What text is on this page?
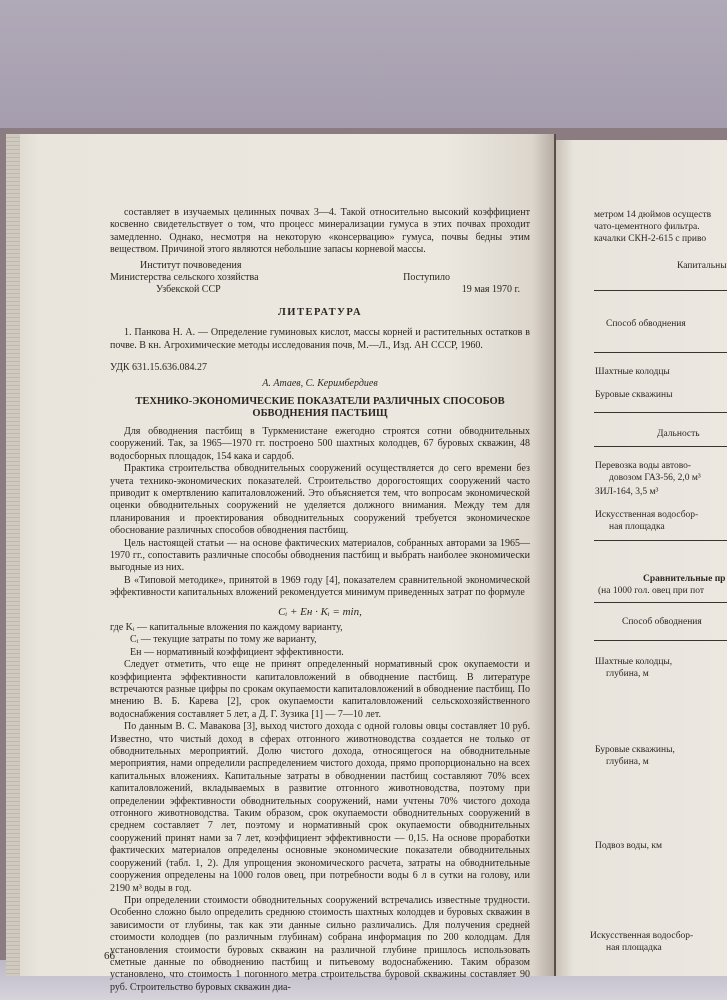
составляет в изучаемых целинных почвах 3—4. Такой относительно высокий коэффициент косвенно свидетельствует о том, что процесс минерализации гумуса в этих почвах проходит замедленно. Однако, несмотря на некоторую «консервацию» гумуса, почвы бедны этим веществом. Причиной этого являются небольшие запасы корневой массы.

Институт почвоведения
Министерства сельского хозяйства	Поступило
Узбекской ССР	19 мая 1970 г.

ЛИТЕРАТУРА

1. Панкова Н. А. — Определение гуминовых кислот, массы корней и растительных остатков в почве. В кн. Агрохимические методы исследования почв, М.—Л., Изд. АН СССР, 1960.

УДК 631.15.636.084.27

А. Атаев, С. Керимбердиев

ТЕХНИКО-ЭКОНОМИЧЕСКИЕ ПОКАЗАТЕЛИ РАЗЛИЧНЫХ СПОСОБОВ

ОБВОДНЕНИЯ ПАСТБИЩ

Для обводнения пастбищ в Туркменистане ежегодно строятся сотни обводнительных сооружений. Так, за 1965—1970 гг. построено 500 шахтных колодцев, 67 буровых скважин, 48 водосборных площадок, 154 кака и сардоб.

Практика строительства обводнительных сооружений осуществляется до сего времени без учета технико-экономических показателей. Строительство дорогостоящих сооружений часто приводит к омертвлению капиталовложений. Это объясняется тем, что вопросам экономической оценки обводнительных сооружений не уделяется должного внимания. Между тем для планирования и проектирования обводнительных сооружений требуется экономическое обоснование различных способов обводнения пастбищ.

Цель настоящей статьи — на основе фактических материалов, собранных авторами за 1965—1970 гг., сопоставить различные способы обводнения пастбищ и выбрать наиболее экономически выгодные из них.

В «Типовой методике», принятой в 1969 году [4], показателем сравнительной экономической эффективности капитальных вложений рекомендуется минимум приведенных затрат по формуле

Cᵢ + Eн · Kᵢ = min,

где Kᵢ — капитальные вложения по каждому варианту,
Cᵢ — текущие затраты по тому же варианту,
Eн — нормативный коэффициент эффективности.

Следует отметить, что еще не принят определенный нормативный срок окупаемости и коэффициента эффективности капиталовложений в обводнение пастбищ. В литературе встречаются разные цифры по срокам окупаемости капиталовложений в обводнение пастбищ. По мнению В. Б. Карева [2], срок окупаемости капиталовложений сельскохозяйственного водоснабжения составляет 5 лет, а Д. Г. Зузика [1] — 7—10 лет.

По данным В. С. Мавакова [3], выход чистого дохода с одной головы овцы составляет 10 руб. Известно, что чистый доход в сферах отгонного животноводства создается не только от обводнительных мероприятий. Долю чистого дохода, относящегося на обводнительные мероприятия, нами определили распределением чистого дохода, прямо пропорционально на всех капитальных вложениях. Капитальные затраты в обводнении пастбищ составляют 70% всех капиталовложений, вкладываемых в развитие отгонного животноводства, поэтому при определении эффективности обводнительных сооружений, нами учтены 70% чистого дохода отгонного животноводства. Таким образом, срок окупаемости обводнительных сооружений в среднем составляет 7 лет, поэтому и нормативный срок окупаемости обводнительных сооружений принят нами за 7 лет, коэффициент эффективности — 0,15. На основе проработки фактических материалов определены основные экономические показатели обводнительных сооружений (табл. 1, 2). Для упрощения экономического расчета, затраты на обводнительные сооружения определены на 1000 голов овец, при потребности воды 6 л в сутки на голову, или 2190 м³ воды в год.

При определении стоимости обводнительных сооружений встречались известные трудности. Особенно сложно было определить среднюю стоимость шахтных колодцев и буровых скважин в зависимости от глубины, так как эти данные сильно различались. Для получения средней стоимости колодцев (по различным глубинам) собрана информация по 200 колодцам. Для установления стоимости буровых скважин на различной глубине пришлось использовать сметные данные по обводнению пастбищ и питьевому водоснабжению. Таким образом установлено, что стоимость 1 погонного метра строительства буровой скважины составляет 90 руб. Строительство буровых скважин диа-

66
метром 14 дюймов осуществ
чато-цементного фильтра.
качалки СКН-2-615 с приво
Капитальны
Способ обводнения
Шахтные колодцы
Буровые скважины
Дальность
Перевозка воды автово-
довозом ГАЗ-56, 2,0 м³
ЗИЛ-164, 3,5 м³
Искусственная водосбор-
ная площадка
Сравнительные пр
(на 1000 гол. овец при пот
Способ обводнения
Шахтные колодцы,
глубина, м
Буровые скважины,
глубина, м
Подвоз воды, км
Искусственная водосбор-
ная площадка
